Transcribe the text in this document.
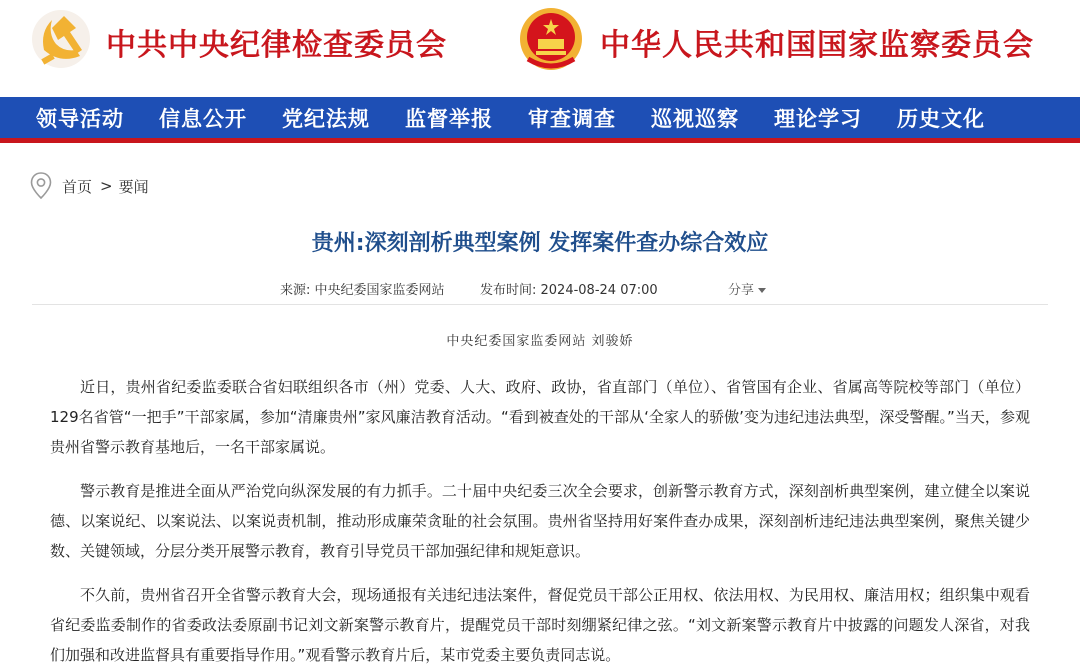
中共中央纪律检查委员会	中华人民共和国国家监察委员会
领导活动 信息公开 党纪法规 监督举报 审查调查 巡视巡察 理论学习 历史文化
首页 > 要闻
贵州:深刻剖析典型案例 发挥案件查办综合效应
来源: 中央纪委国家监委网站	发布时间: 2024-08-24 07:00	分享
中央纪委国家监委网站 刘骏娇

近日，贵州省纪委监委联合省妇联组织各市（州）党委、人大、政府、政协，省直部门（单位）、省管国有企业、省属高等院校等部门（单位）129名省管“一把手”干部家属，参加“清廉贵州”家风廉洁教育活动。“看到被查处的干部从‘全家人的骄傲’变为违纪违法典型，深受警醒。”当天，参观贵州省警示教育基地后，一名干部家属说。

警示教育是推进全面从严治党向纵深发展的有力抓手。二十届中央纪委三次全会要求，创新警示教育方式，深刻剖析典型案例，建立健全以案说德、以案说纪、以案说法、以案说责机制，推动形成廉荣贪耻的社会氛围。贵州省坚持用好案件查办成果，深刻剖析违纪违法典型案例，聚焦关键少数、关键领域，分层分类开展警示教育，教育引导党员干部加强纪律和规矩意识。

不久前，贵州省召开全省警示教育大会，现场通报有关违纪违法案件，督促党员干部公正用权、依法用权、为民用权、廉洁用权；组织集中观看省纪委监委制作的省委政法委原副书记刘文新案警示教育片，提醒党员干部时刻绷紧纪律之弦。“刘文新案警示教育片中披露的问题发人深省，对我们加强和改进监督具有重要指导作用。”观看警示教育片后，某市党委主要负责同志说。
